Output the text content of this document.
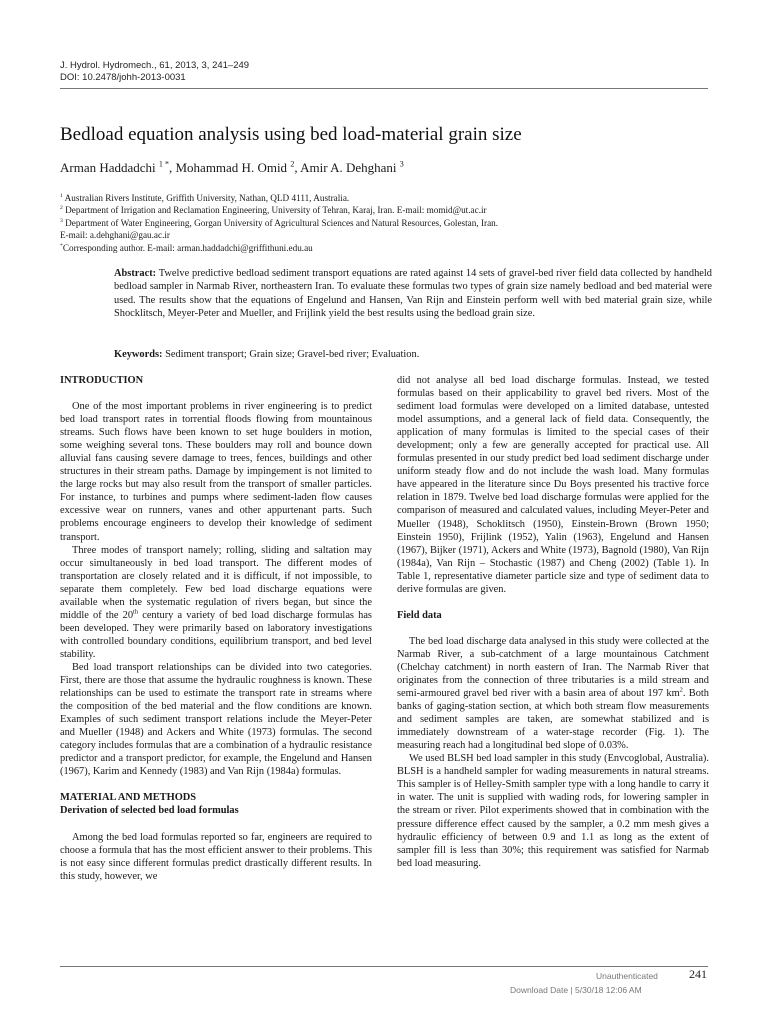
J. Hydrol. Hydromech., 61, 2013, 3, 241–249
DOI: 10.2478/johh-2013-0031
Bedload equation analysis using bed load-material grain size
Arman Haddadchi $^{1 *}$, Mohammad H. Omid $^2$, Amir A. Dehghani $^3$
$^1$ Australian Rivers Institute, Griffith University, Nathan, QLD 4111, Australia.
$^2$ Department of Irrigation and Reclamation Engineering, University of Tehran, Karaj, Iran. E-mail: momid@ut.ac.ir
$^3$ Department of Water Engineering, Gorgan University of Agricultural Sciences and Natural Resources, Golestan, Iran.
E-mail: a.dehghani@gau.ac.ir
*Corresponding author. E-mail: arman.haddadchi@griffithuni.edu.au
Abstract: Twelve predictive bedload sediment transport equations are rated against 14 sets of gravel-bed river field data collected by handheld bedload sampler in Narmab River, northeastern Iran. To evaluate these formulas two types of grain size namely bedload and bed material were used. The results show that the equations of Engelund and Hansen, Van Rijn and Einstein perform well with bed material grain size, while Shocklitsch, Meyer-Peter and Mueller, and Frijlink yield the best results using the bedload grain size.
Keywords: Sediment transport; Grain size; Gravel-bed river; Evaluation.
INTRODUCTION

One of the most important problems in river engineering is to predict bed load transport rates in torrential floods flowing from mountainous streams. Such flows have been known to set huge boulders in motion, some weighing several tons. These boulders may roll and bounce down alluvial fans causing severe damage to trees, fences, buildings and other structures in their stream paths. Damage by impingement is not limited to the large rocks but may also result from the transport of smaller particles. For instance, to turbines and pumps where sediment-laden flow causes excessive wear on runners, vanes and other appurtenant parts. Such problems encourage engineers to develop their knowledge of sediment transport.

Three modes of transport namely; rolling, sliding and saltation may occur simultaneously in bed load transport. The different modes of transportation are closely related and it is difficult, if not impossible, to separate them completely. Few bed load discharge equations were available when the systematic regulation of rivers began, but since the middle of the 20th century a variety of bed load discharge formulas has been developed. They were primarily based on laboratory investigations with controlled boundary conditions, equilibrium transport, and bed level stability.

Bed load transport relationships can be divided into two categories. First, there are those that assume the hydraulic roughness is known. These relationships can be used to estimate the transport rate in streams where the composition of the bed material and the flow conditions are known. Examples of such sediment transport relations include the Meyer-Peter and Mueller (1948) and Ackers and White (1973) formulas. The second category includes formulas that are a combination of a hydraulic resistance predictor and a transport predictor, for example, the Engelund and Hansen (1967), Karim and Kennedy (1983) and Van Rijn (1984a) formulas.

MATERIAL AND METHODS
Derivation of selected bed load formulas

Among the bed load formulas reported so far, engineers are required to choose a formula that has the most efficient answer to their problems. This is not easy since different formulas predict drastically different results. In this study, however, we

did not analyse all bed load discharge formulas. Instead, we tested formulas based on their applicability to gravel bed rivers. Most of the sediment load formulas were developed on a limited database, untested model assumptions, and a general lack of field data. Consequently, the application of many formulas is limited to the special cases of their development; only a few are generally accepted for practical use. All formulas presented in our study predict bed load sediment discharge under uniform steady flow and do not include the wash load. Many formulas have appeared in the literature since Du Boys presented his tractive force relation in 1879. Twelve bed load discharge formulas were applied for the comparison of measured and calculated values, including Meyer-Peter and Mueller (1948), Schoklitsch (1950), Einstein-Brown (Brown 1950; Einstein 1950), Frijlink (1952), Yalin (1963), Engelund and Hansen (1967), Bijker (1971), Ackers and White (1973), Bagnold (1980), Van Rijn (1984a), Van Rijn – Stochastic (1987) and Cheng (2002) (Table 1). In Table 1, representative diameter particle size and type of sediment data to derive formulas are given.

Field data

The bed load discharge data analysed in this study were collected at the Narmab River, a sub-catchment of a large mountainous Catchment (Chelchay catchment) in north eastern of Iran. The Narmab River that originates from the connection of three tributaries is a mild stream and semi-armoured gravel bed river with a basin area of about 197 $km^2$. Both banks of gaging-station section, at which both stream flow measurements and sediment samples are taken, are somewhat stabilized and is immediately downstream of a water-stage recorder (Fig. 1). The measuring reach had a longitudinal bed slope of 0.03%.

We used BLSH bed load sampler in this study (Envcoglobal, Australia). BLSH is a handheld sampler for wading measurements in natural streams. This sampler is of Helley-Smith sampler type with a long handle to carry it in water. The unit is supplied with wading rods, for lowering sampler in the stream or river. Pilot experiments showed that in combination with the pressure difference effect caused by the sampler, a 0.2 mm mesh gives a hydraulic efficiency of between 0.9 and 1.1 as long as the extent of sampler fill is less than 30%; this requirement was satisfied for Narmab bed load measuring.

Unauthenticated	241
Download Date | 5/30/18 12:06 AM
